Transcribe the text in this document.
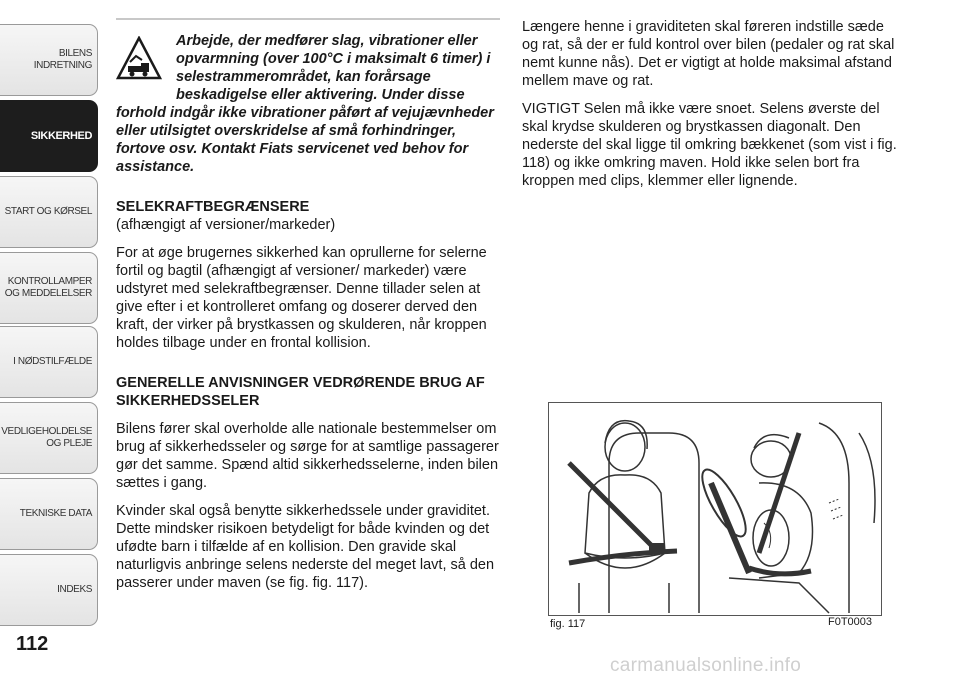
BILENS INDRETNING
SIKKERHED
START OG KØRSEL
KONTROLLAMPER
OG MEDDELELSER
I NØDSTILFÆLDE
VEDLIGEHOLDELSE
OG PLEJE
TEKNISKE DATA
INDEKS
112
Arbejde, der medfører slag, vibrationer eller opvarmning (over 100°C i maksimalt 6 timer) i selestrammerområdet, kan forårsage beskadigelse eller aktivering. Under disse forhold indgår ikke vibrationer påført af vejujævnheder eller utilsigtet overskridelse af små forhindringer, fortove osv. Kontakt Fiats servicenet ved behov for assistance.
SELEKRAFTBEGRÆNSERE

(afhængigt af versioner/markeder)

For at øge brugernes sikkerhed kan oprullerne for selerne fortil og bagtil (afhængigt af versioner/ markeder) være udstyret med selekraftbegrænser. Denne tillader selen at give efter i et kontrolleret omfang og doserer derved den kraft, der virker på brystkassen og skulderen, når kroppen holdes tilbage under en frontal kollision.

GENERELLE ANVISNINGER VEDRØRENDE BRUG AF SIKKERHEDSSELER

Bilens fører skal overholde alle nationale bestemmelser om brug af sikkerhedsseler og sørge for at samtlige passagerer gør det samme. Spænd altid sikkerhedsselerne, inden bilen sættes i gang.

Kvinder skal også benytte sikkerhedssele under graviditet. Dette mindsker risikoen betydeligt for både kvinden og det ufødte barn i tilfælde af en kollision. Den gravide skal naturligvis anbringe selens nederste del meget lavt, så den passerer under maven (se fig. fig. 117).

Længere henne i graviditeten skal føreren indstille sæde og rat, så der er fuld kontrol over bilen (pedaler og rat skal nemt kunne nås). Det er vigtigt at holde maksimal afstand mellem mave og rat.

VIGTIGT Selen må ikke være snoet. Selens øverste del skal krydse skulderen og brystkassen diagonalt. Den nederste del skal ligge til omkring bækkenet (som vist i fig. 118) og ikke omkring maven. Hold ikke selen bort fra kroppen med clips, klemmer eller lignende.

fig. 117	F0T0003
carmanualsonline.info
